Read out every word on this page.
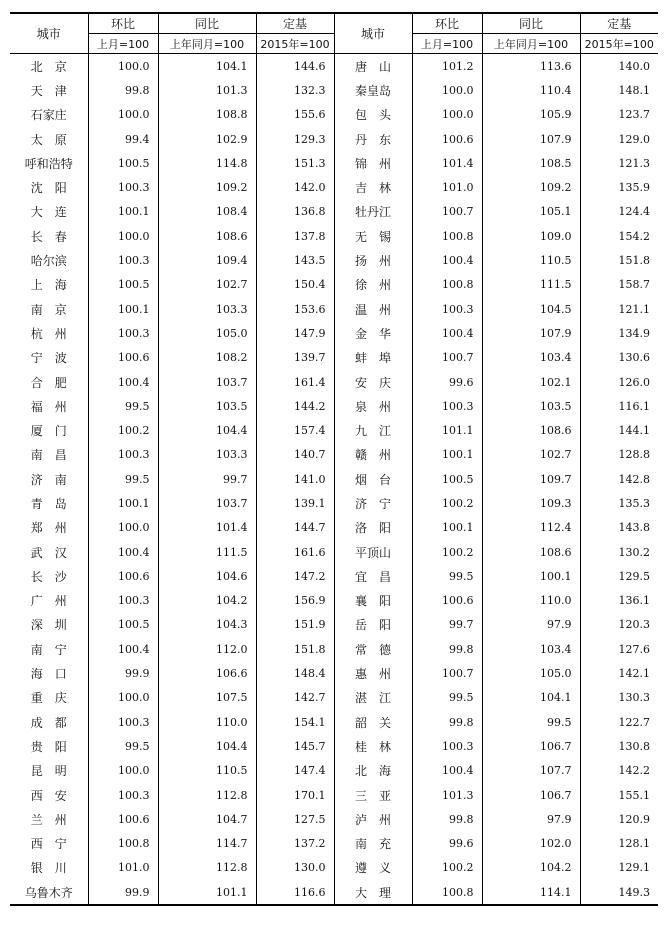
城市	环比	同比	定基	城市	环比	同比	定基
	上月=100	上年同月=100	2015年=100		上月=100	上年同月=100	2015年=100
北　京	100.0	104.1	144.6	唐　山	101.2	113.6	140.0
天　津	99.8	101.3	132.3	秦皇岛	100.0	110.4	148.1
石家庄	100.0	108.8	155.6	包　头	100.0	105.9	123.7
太　原	99.4	102.9	129.3	丹　东	100.6	107.9	129.0
呼和浩特	100.5	114.8	151.3	锦　州	101.4	108.5	121.3
沈　阳	100.3	109.2	142.0	吉　林	101.0	109.2	135.9
大　连	100.1	108.4	136.8	牡丹江	100.7	105.1	124.4
长　春	100.0	108.6	137.8	无　锡	100.8	109.0	154.2
哈尔滨	100.3	109.4	143.5	扬　州	100.4	110.5	151.8
上　海	100.5	102.7	150.4	徐　州	100.8	111.5	158.7
南　京	100.1	103.3	153.6	温　州	100.3	104.5	121.1
杭　州	100.3	105.0	147.9	金　华	100.4	107.9	134.9
宁　波	100.6	108.2	139.7	蚌　埠	100.7	103.4	130.6
合　肥	100.4	103.7	161.4	安　庆	99.6	102.1	126.0
福　州	99.5	103.5	144.2	泉　州	100.3	103.5	116.1
厦　门	100.2	104.4	157.4	九　江	101.1	108.6	144.1
南　昌	100.3	103.3	140.7	赣　州	100.1	102.7	128.8
济　南	99.5	99.7	141.0	烟　台	100.5	109.7	142.8
青　岛	100.1	103.7	139.1	济　宁	100.2	109.3	135.3
郑　州	100.0	101.4	144.7	洛　阳	100.1	112.4	143.8
武　汉	100.4	111.5	161.6	平顶山	100.2	108.6	130.2
长　沙	100.6	104.6	147.2	宜　昌	99.5	100.1	129.5
广　州	100.3	104.2	156.9	襄　阳	100.6	110.0	136.1
深　圳	100.5	104.3	151.9	岳　阳	99.7	97.9	120.3
南　宁	100.4	112.0	151.8	常　德	99.8	103.4	127.6
海　口	99.9	106.6	148.4	惠　州	100.7	105.0	142.1
重　庆	100.0	107.5	142.7	湛　江	99.5	104.1	130.3
成　都	100.3	110.0	154.1	韶　关	99.8	99.5	122.7
贵　阳	99.5	104.4	145.7	桂　林	100.3	106.7	130.8
昆　明	100.0	110.5	147.4	北　海	100.4	107.7	142.2
西　安	100.3	112.8	170.1	三　亚	101.3	106.7	155.1
兰　州	100.6	104.7	127.5	泸　州	99.8	97.9	120.9
西　宁	100.8	114.7	137.2	南　充	99.6	102.0	128.1
银　川	101.0	112.8	130.0	遵　义	100.2	104.2	129.1
乌鲁木齐	99.9	101.1	116.6	大　理	100.8	114.1	149.3
